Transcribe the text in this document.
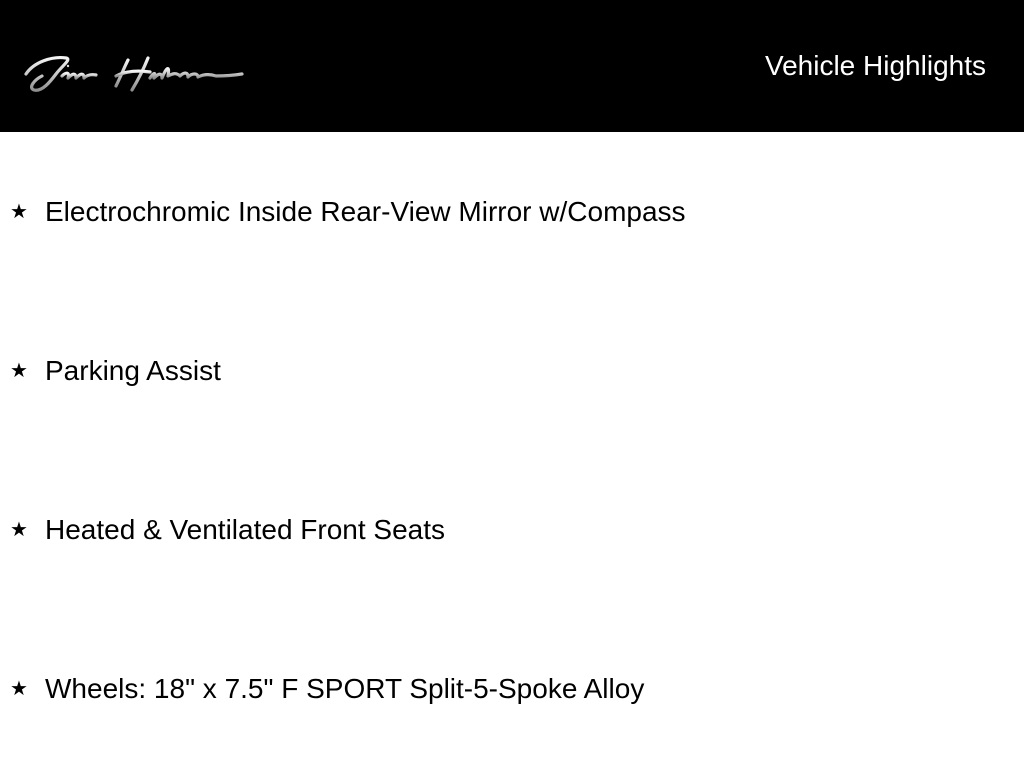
Vehicle Highlights
★ Electrochromic Inside Rear-View Mirror w/Compass
★ Parking Assist
★ Heated & Ventilated Front Seats
★ Wheels: 18" x 7.5" F SPORT Split-5-Spoke Alloy
